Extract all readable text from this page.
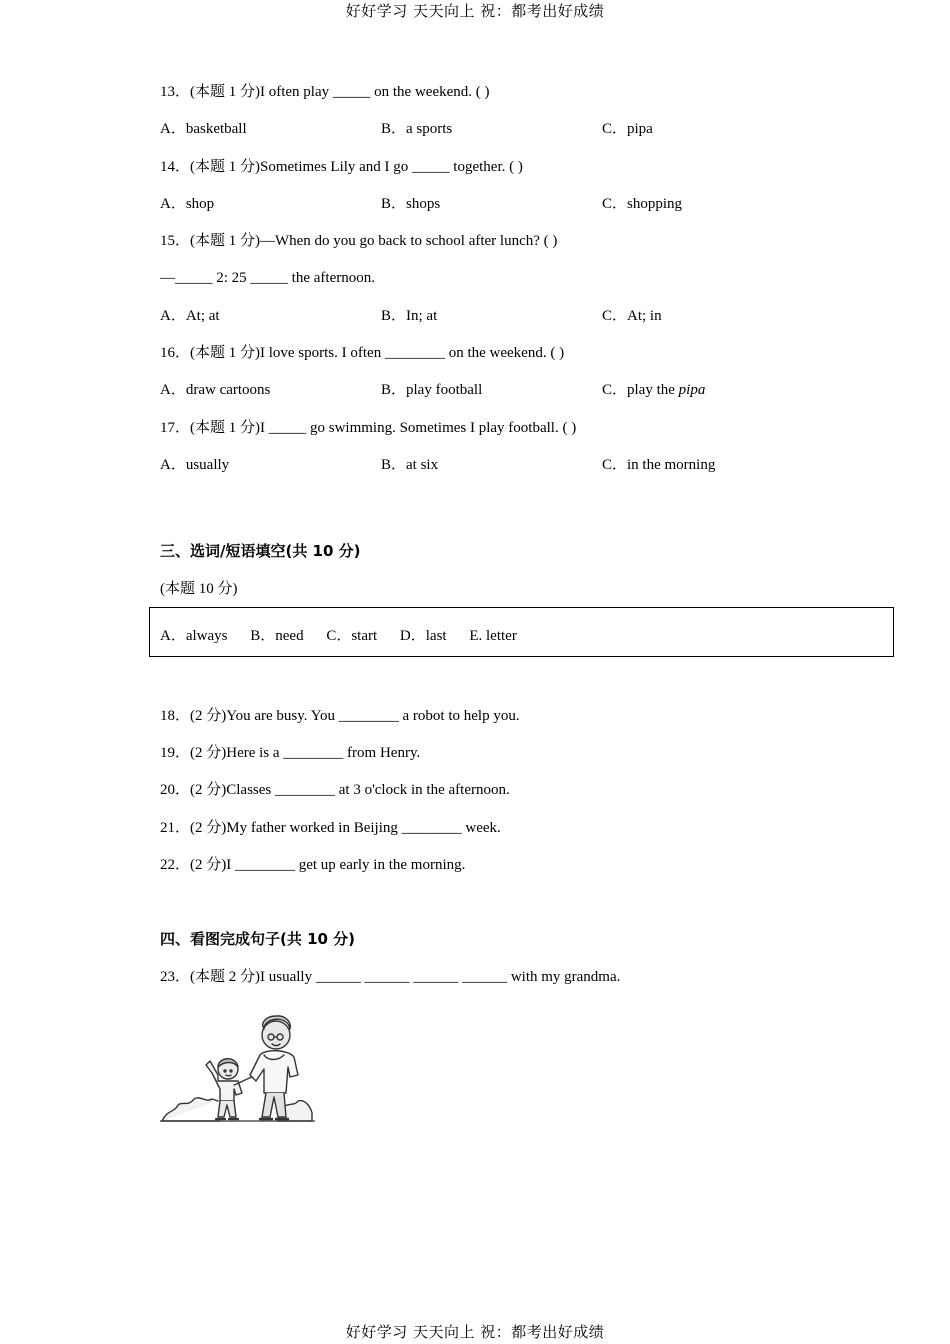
好好学习 天天向上 祝：都考出好成绩
13．(本题 1 分)I often play _____ on the weekend. ( )
A．basketball	B．a sports	C．pipa
14．(本题 1 分)Sometimes Lily and I go _____ together. ( )
A．shop	B．shops	C．shopping
15．(本题 1 分)—When do you go back to school after lunch? ( )
—_____ 2: 25 _____ the afternoon.
A．At; at	B．In; at	C．At; in
16．(本题 1 分)I love sports. I often ________ on the weekend. ( )
A．draw cartoons	B．play football	C．play the pipa
17．(本题 1 分)I _____ go swimming. Sometimes I play football. ( )
A．usually	B．at six	C．in the morning
三、选词/短语填空(共 10 分)
(本题 10 分)
A．always B．need C．start D．last E. letter
18．(2 分)You are busy. You ________ a robot to help you.
19．(2 分)Here is a ________ from Henry.
20．(2 分)Classes ________ at 3 o'clock in the afternoon.
21．(2 分)My father worked in Beijing ________ week.
22．(2 分)I ________ get up early in the morning.
四、看图完成句子(共 10 分)
23．(本题 2 分)I usually ______ ______ ______ ______ with my grandma.
好好学习 天天向上 祝：都考出好成绩
